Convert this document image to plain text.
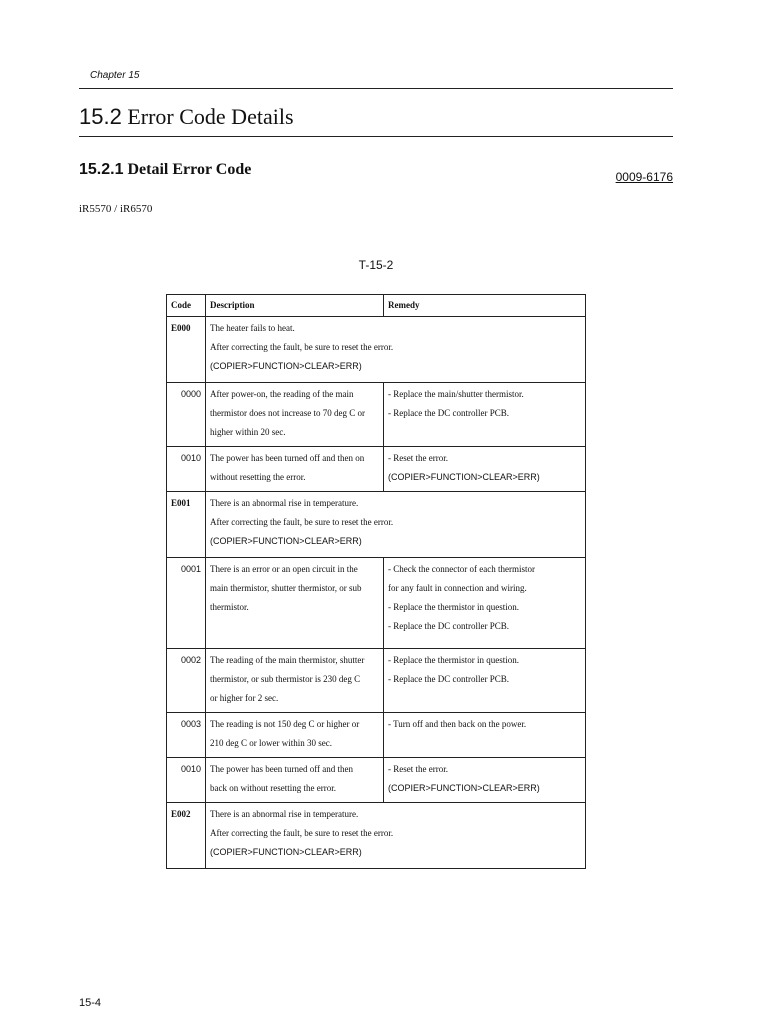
Chapter 15
15.2 Error Code Details
15.2.1 Detail Error Code	0009-6176
iR5570 / iR6570
T-15-2
Code	Description	Remedy
E000	The heater fails to heat.
After correcting the fault, be sure to reset the error.
(COPIER>FUNCTION>CLEAR>ERR)	

0000	After power-on, the reading of the main
thermistor does not increase to 70 deg C or
higher within 20 sec.	- Replace the main/shutter thermistor.
- Replace the DC controller PCB.

0010	The power has been turned off and then on
without resetting the error.	- Reset the error.
(COPIER>FUNCTION>CLEAR>ERR)

E001	There is an abnormal rise in temperature.
After correcting the fault, be sure to reset the error.
(COPIER>FUNCTION>CLEAR>ERR)	

0001	There is an error or an open circuit in the
main thermistor, shutter thermistor, or sub
thermistor.	- Check the connector of each thermistor
for any fault in connection and wiring.
- Replace the thermistor in question.
- Replace the DC controller PCB.

0002	The reading of the main thermistor, shutter
thermistor, or sub thermistor is 230 deg C
or higher for 2 sec.	- Replace the thermistor in question.
- Replace the DC controller PCB.

0003	The reading is not 150 deg C or higher or
210 deg C or lower within 30 sec.	- Turn off and then back on the power.

0010	The power has been turned off and then
back on without resetting the error.	- Reset the error.
(COPIER>FUNCTION>CLEAR>ERR)

E002	There is an abnormal rise in temperature.
After correcting the fault, be sure to reset the error.
(COPIER>FUNCTION>CLEAR>ERR)	
15-4
